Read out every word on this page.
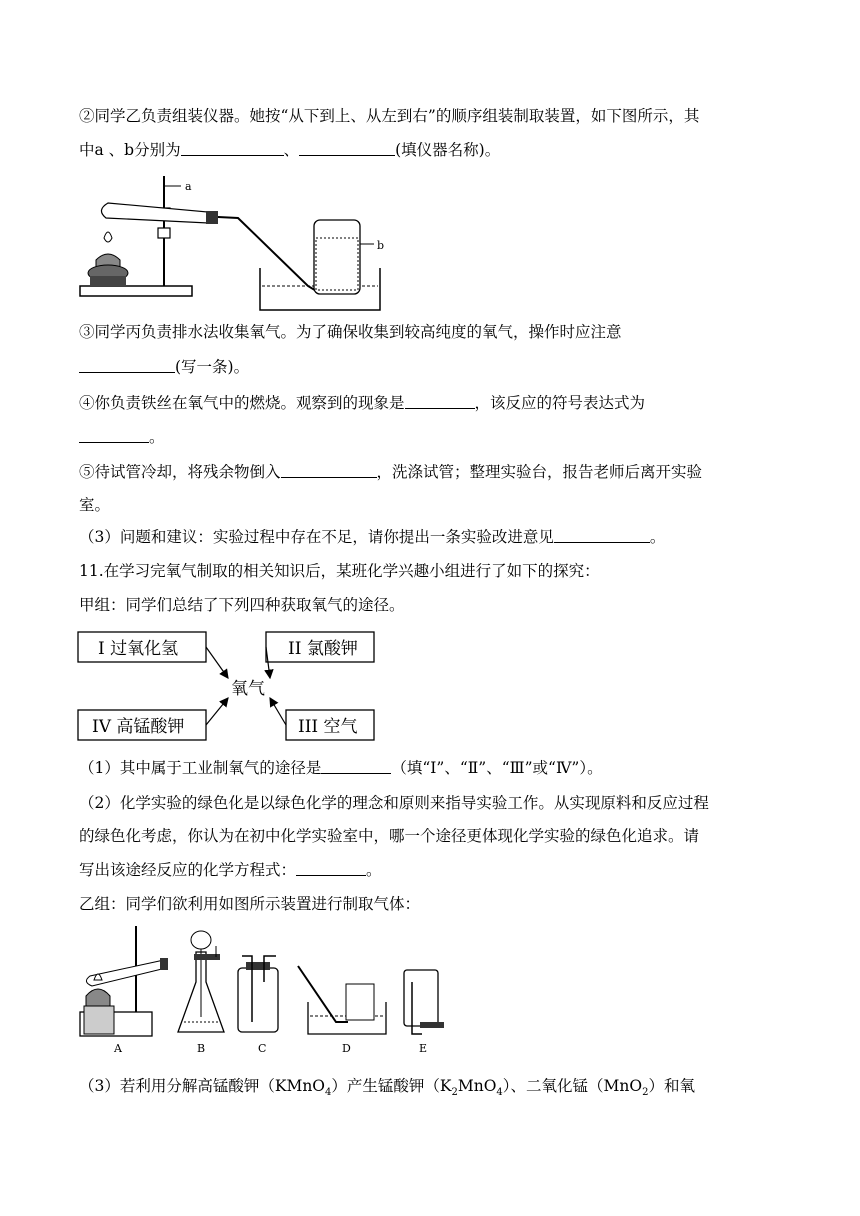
②同学乙负责组装仪器。她按“从下到上、从左到右”的顺序组装制取装置，如下图所示，其
中a 、b分别为	、	(填仪器名称)。
a
b
③同学丙负责排水法收集氧气。为了确保收集到较高纯度的氧气，操作时应注意
(写一条)。
④你负责铁丝在氧气中的燃烧。观察到的现象是	，该反应的符号表达式为
。
⑤待试管冷却，将残余物倒入	，洗涤试管；整理实验台，报告老师后离开实验
室。
（3）问题和建议：实验过程中存在不足，请你提出一条实验改进意见	。
11.在学习完氧气制取的相关知识后，某班化学兴趣小组进行了如下的探究：
甲组：同学们总结了下列四种获取氧气的途径。
I 过氧化氢	II 氯酸钾
IV 高锰酸钾	III 空气
氧气
（1）其中属于工业制氧气的途径是	（填“Ⅰ”、“Ⅱ”、“Ⅲ”或“Ⅳ”）。
（2）化学实验的绿色化是以绿色化学的理念和原则来指导实验工作。从实现原料和反应过程
的绿色化考虑，你认为在初中化学实验室中，哪一个途径更体现化学实验的绿色化追求。请
写出该途经反应的化学方程式：	。
乙组：同学们欲利用如图所示装置进行制取气体：
A	B	C	D	E
（3）若利用分解高锰酸钾（KMnO$_4$）产生锰酸钾$(K_2MnO_4)$、二氧化锰（MnO$_2$）和氧
